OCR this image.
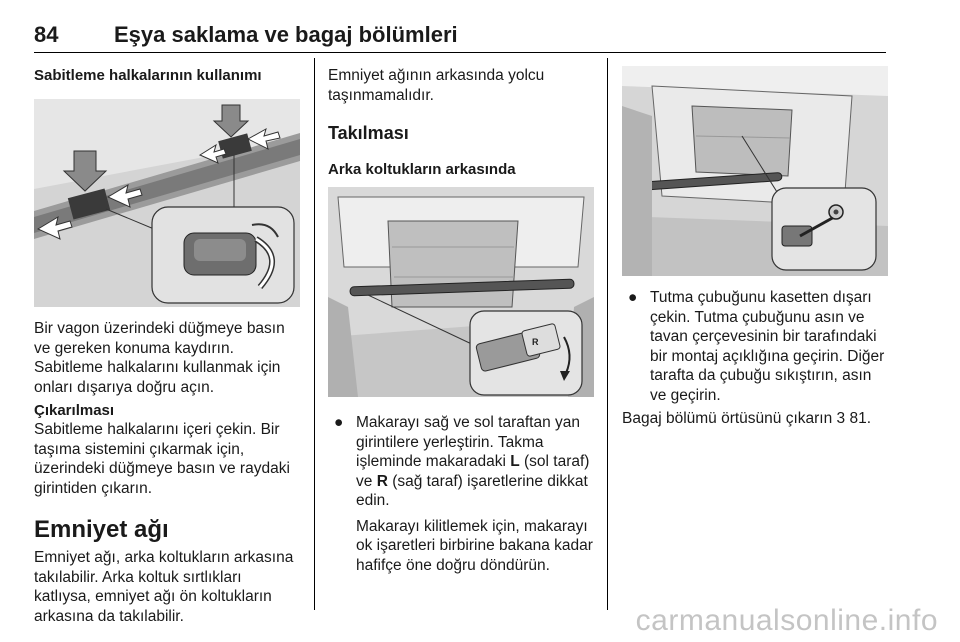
84	Eşya saklama ve bagaj bölümleri
Sabitleme halkalarının kullanımı

Bir vagon üzerindeki düğmeye basın ve gereken konuma kaydırın. Sabitleme halkalarını kullanmak için onları dışarıya doğru açın.

Çıkarılması

Sabitleme halkalarını içeri çekin. Bir taşıma sistemini çıkarmak için, üzerindeki düğmeye basın ve raydaki girintiden çıkarın.

Emniyet ağı

Emniyet ağı, arka koltukların arkasına takılabilir. Arka koltuk sırtlıkları katlıysa, emniyet ağı ön koltukların arkasına da takılabilir.

Emniyet ağının arkasında yolcu taşınmamalıdır.

Takılması
Arka koltukların arkasında
R

● Makarayı sağ ve sol taraftan yan girintilere yerleştirin. Takma işleminde makaradaki L (sol taraf) ve R (sağ taraf) işaretlerine dikkat edin.

Makarayı kilitlemek için, makarayı ok işaretleri birbirine bakana kadar hafifçe öne doğru döndürün.

● Tutma çubuğunu kasetten dışarı çekin. Tutma çubuğunu asın ve tavan çerçevesinin bir tarafındaki bir montaj açıklığına geçirin. Diğer tarafta da çubuğu sıkıştırın, asın ve geçirin.

Bagaj bölümü örtüsünü çıkarın 3 81.

carmanualsonline.info
